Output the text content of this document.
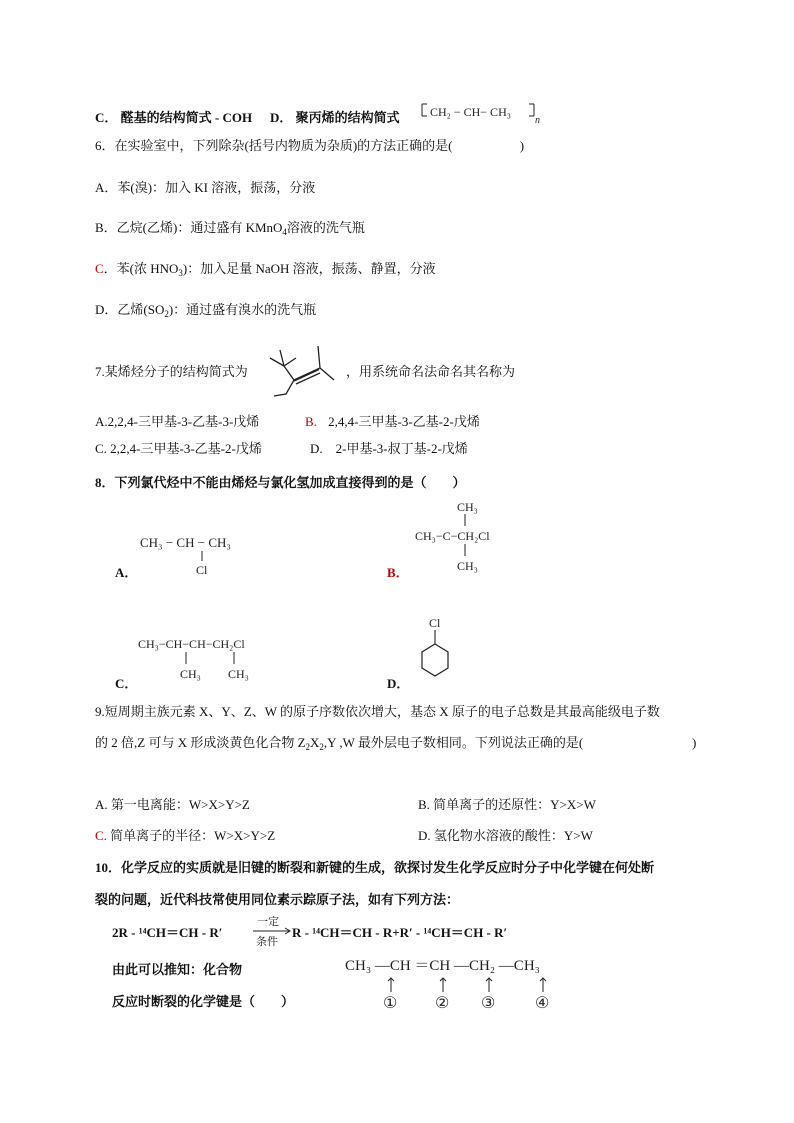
C． 醛基的结构简式 - COH D． 聚丙烯的结构简式	CH₂ − CH− CH₃
n
6．在实验室中，下列除杂(括号内物质为杂质)的方法正确的是(	)
A．苯(溴)：加入 KI 溶液，振荡，分液
B．乙烷(乙烯)：通过盛有 KMnO$_4$溶液的洗气瓶
C．苯(浓 $HNO_3$)：加入足量 NaOH 溶液，振荡、静置，分液
D．乙烯$(SO_2)$：通过盛有溴水的洗气瓶
7.某烯烃分子的结构简式为	，用系统命名法命名其名称为
A.2,2,4-三甲基-3-乙基-3-戊烯	B. 2,4,4-三甲基-3-乙基-2-戊烯
C. 2,2,4-三甲基-3-乙基-2-戊烯	D.　2-甲基-3-叔丁基-2-戊烯
8．下列氯代烃中不能由烯烃与氯化氢加成直接得到的是（　　）
CH₃ − CH − CH₃
Cl
A．
CH₃
CH₃−C−CH₂Cl
CH₃
B．
CH₃−CH−CH−CH₂Cl
CH₃ CH₃
C．
Cl
D．
9.短周期主族元素 X、Y、Z、W 的原子序数依次增大，基态 X 原子的电子总数是其最高能级电子数
的 2 倍,Z 可与 X 形成淡黄色化合物 $Z_2X_2,Y$ ,W 最外层电子数相同。下列说法正确的是(	)
A. 第一电离能：W>X>Y>Z	B. 简单离子的还原性：Y>X>W
C. 简单离子的半径：W>X>Y>Z	D. 氢化物水溶液的酸性：Y>W
10．化学反应的实质就是旧键的断裂和新键的生成，欲探讨发生化学反应时分子中化学键在何处断
裂的问题，近代科技常使用同位素示踪原子法，如有下列方法：
2R - ¹⁴CH＝CH - R′
一定
条件
R - ¹⁴CH＝CH - R+R′ - ¹⁴CH＝CH - R′
由此可以推知：化合物
反应时断裂的化学键是（　　）
CH₃ —CH ＝CH —CH₂ —CH₃
① ② ③ ④
